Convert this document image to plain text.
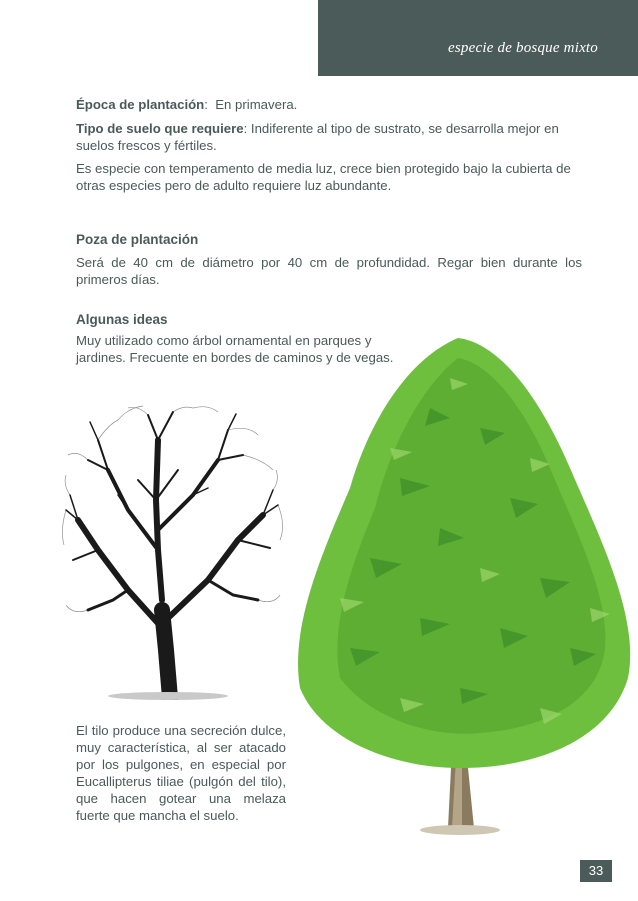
especie de bosque mixto
Época de plantación:  En primavera.
Tipo de suelo que requiere: Indiferente al tipo de sustrato, se desarrolla mejor en suelos frescos y fértiles.
Es especie con temperamento de media luz, crece bien protegido bajo la cubierta de otras especies pero de adulto requiere luz abundante.
Poza de plantación
Será de 40 cm de diámetro por 40 cm de profundidad. Regar bien durante los primeros días.
Algunas ideas
Muy utilizado como árbol ornamental en parques y jardines. Frecuente en bordes de caminos y de vegas.
El tilo produce una secreción dulce, muy característica, al ser atacado por los pulgones, en especial por Eucallipterus tiliae (pulgón del tilo), que hacen gotear una melaza fuerte que mancha el suelo.
33
